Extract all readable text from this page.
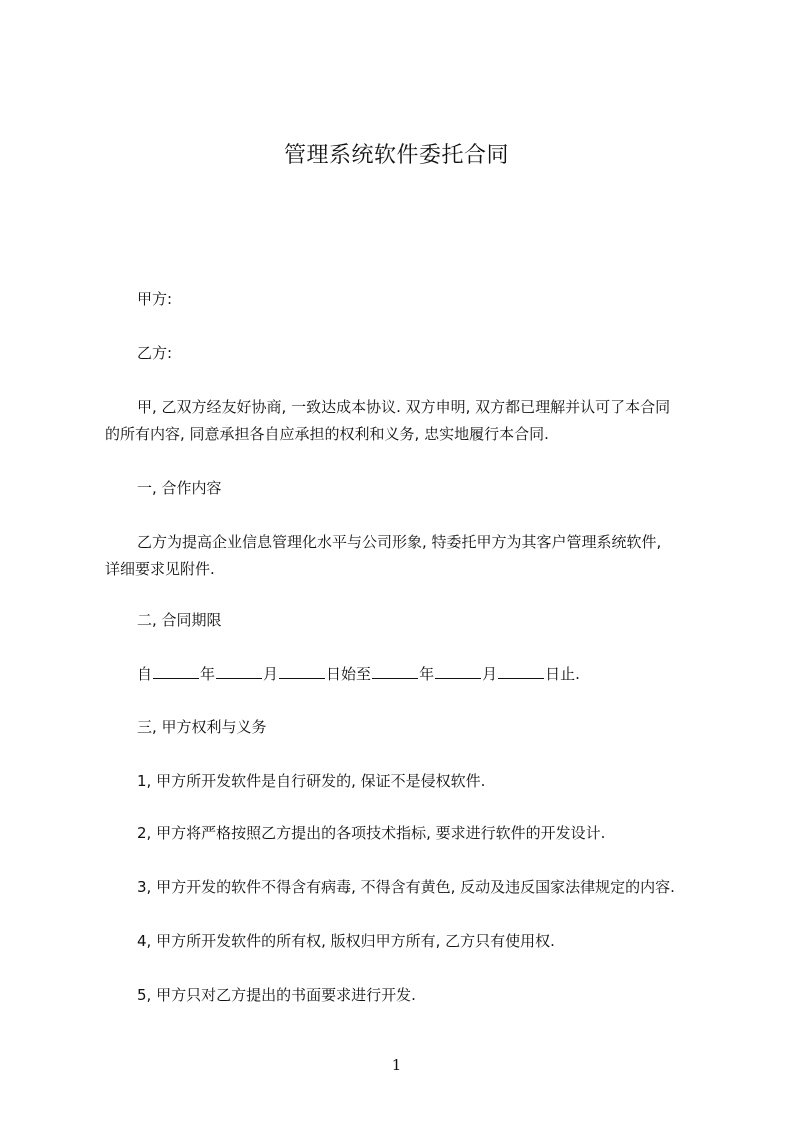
管理系统软件委托合同
甲方:
乙方:
甲, 乙双方经友好协商, 一致达成本协议. 双方申明, 双方都已理解并认可了本合同
的所有内容, 同意承担各自应承担的权利和义务, 忠实地履行本合同.
一, 合作内容
乙方为提高企业信息管理化水平与公司形象, 特委托甲方为其客户管理系统软件,
详细要求见附件.
二, 合同期限
自	年	月	日始至	年	月	日止.
三, 甲方权利与义务
1, 甲方所开发软件是自行研发的, 保证不是侵权软件.
2, 甲方将严格按照乙方提出的各项技术指标, 要求进行软件的开发设计.
3, 甲方开发的软件不得含有病毒, 不得含有黄色, 反动及违反国家法律规定的内容.
4, 甲方所开发软件的所有权, 版权归甲方所有, 乙方只有使用权.
5, 甲方只对乙方提出的书面要求进行开发.
1
